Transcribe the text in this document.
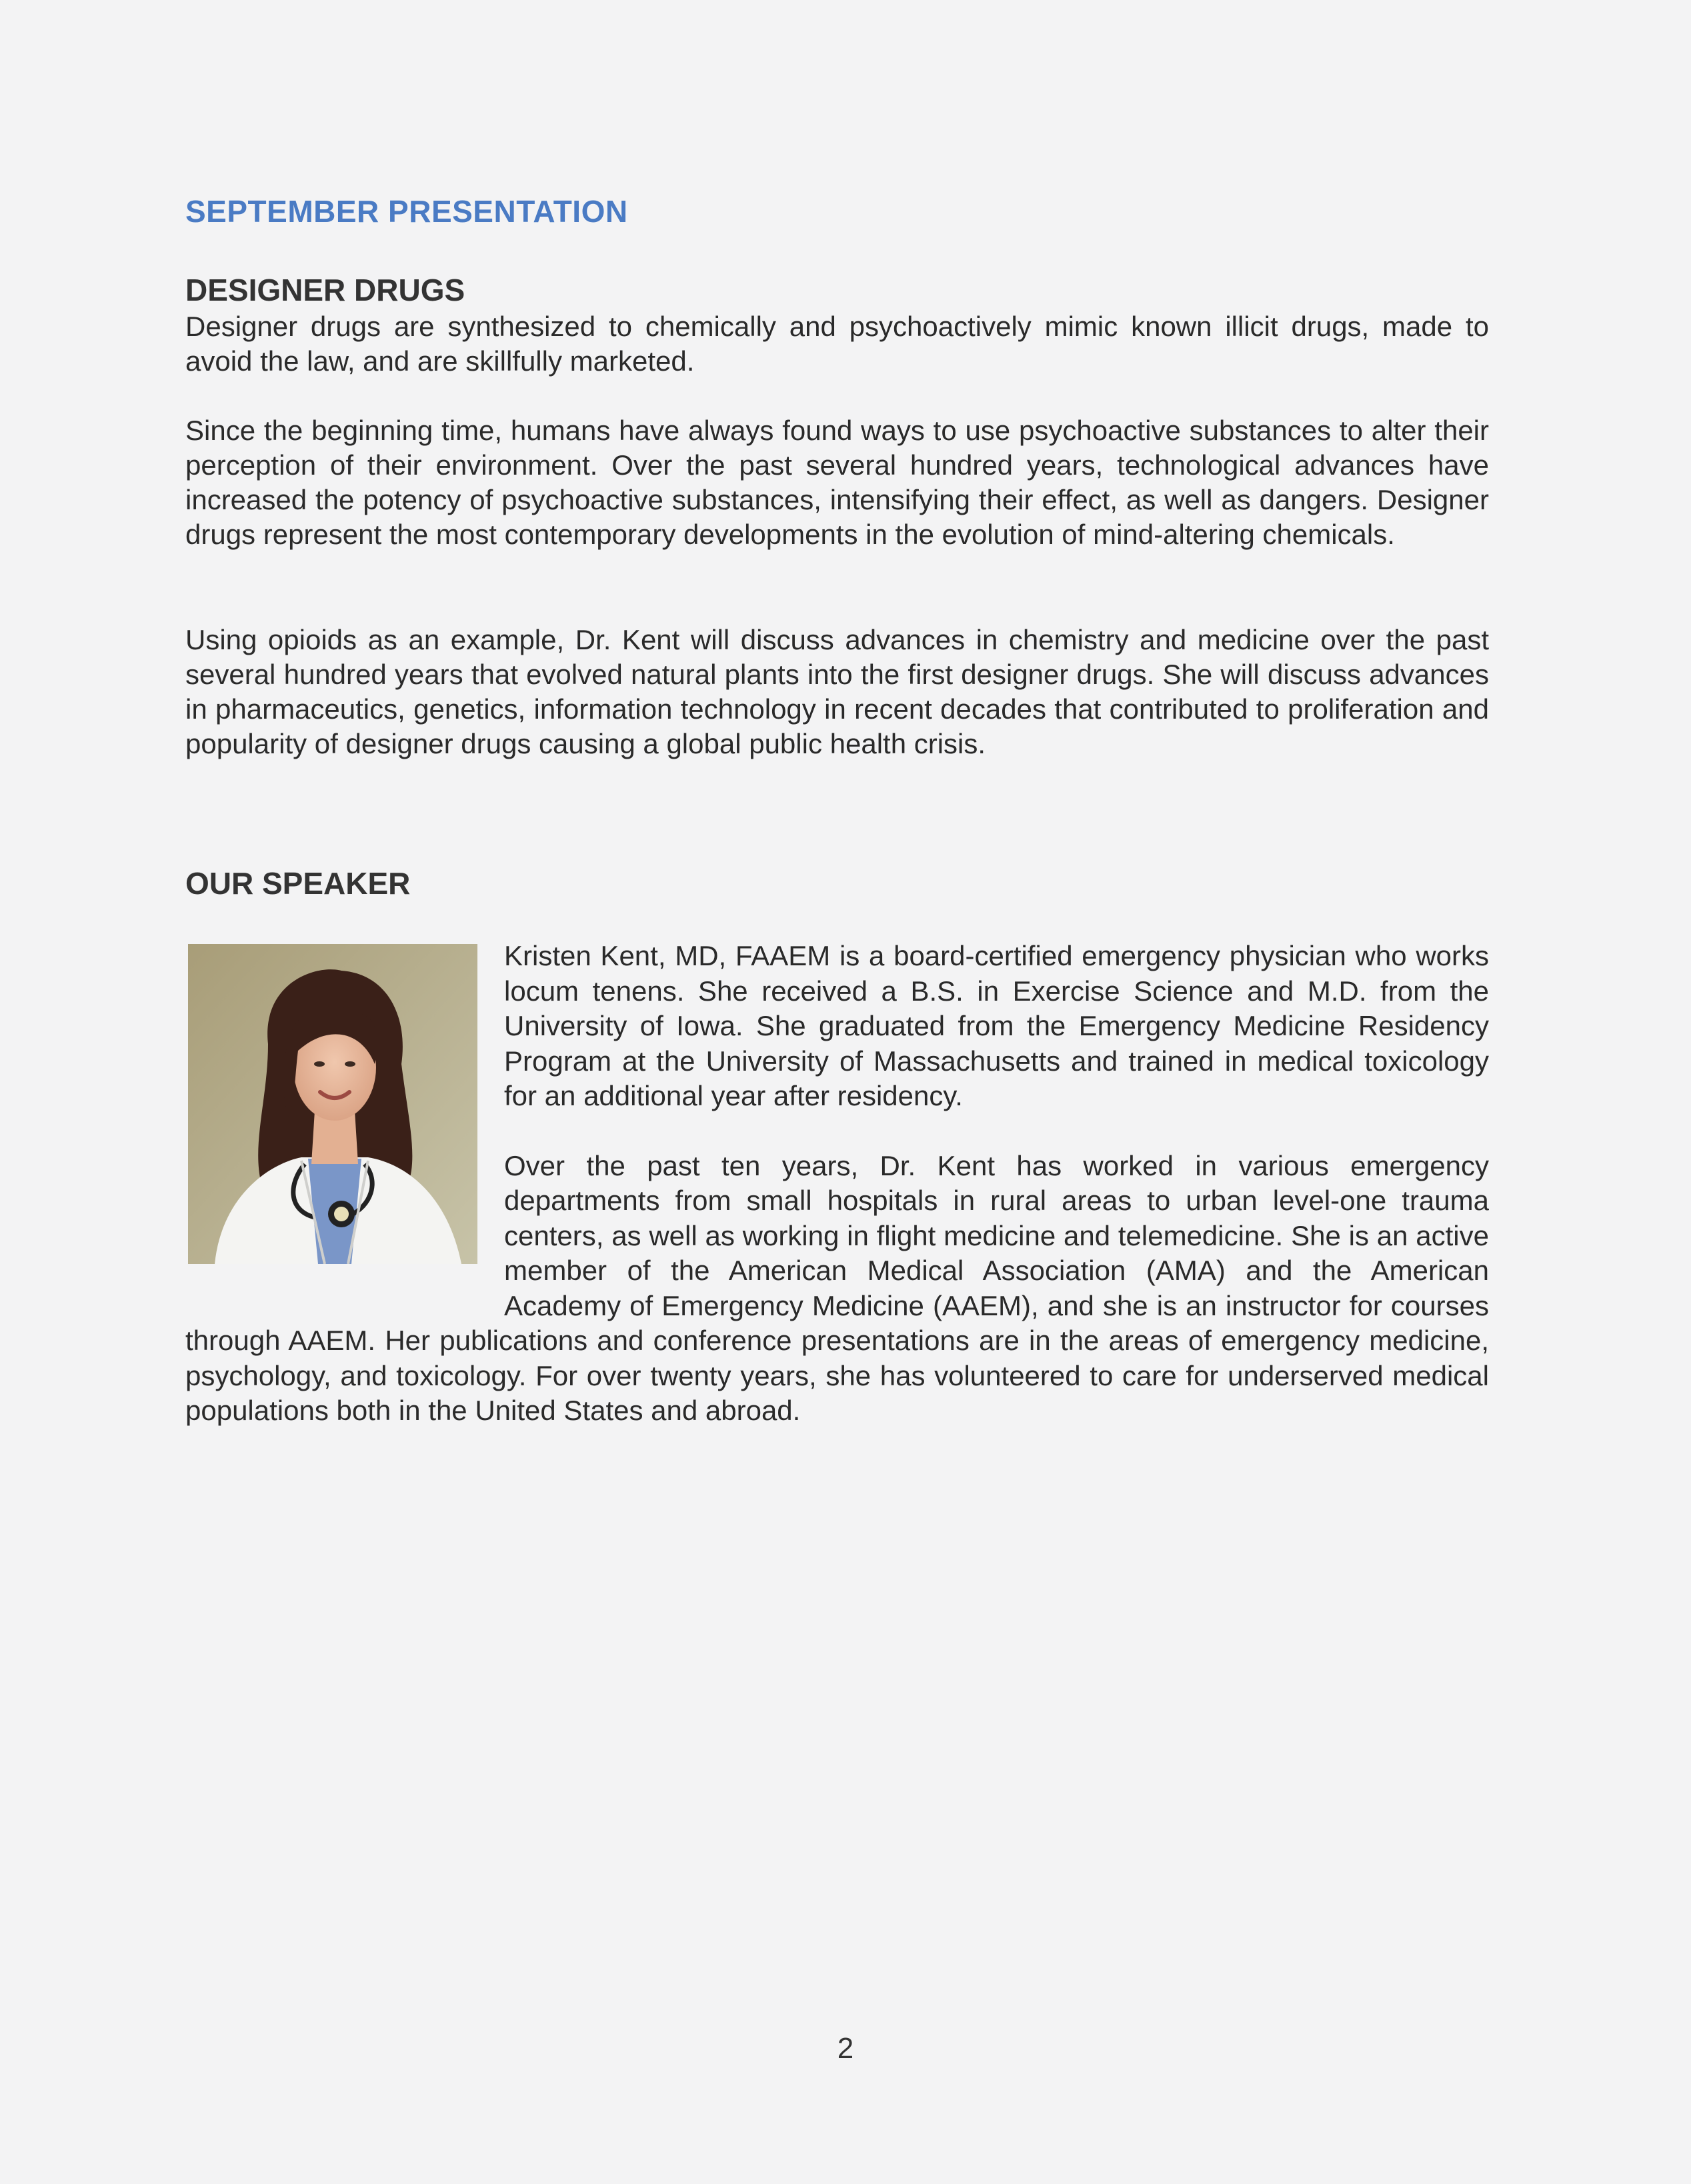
SEPTEMBER PRESENTATION

DESIGNER DRUGS

Designer drugs are synthesized to chemically and psychoactively mimic known illicit drugs, made to avoid the law, and are skillfully marketed.

Since the beginning time, humans have always found ways to use psychoactive substances to alter their perception of their environment. Over the past several hundred years, technological advances have increased the potency of psychoactive substances, intensifying their effect, as well as dangers. Designer drugs represent the most contemporary developments in the evolution of mind-altering chemicals.

Using opioids as an example, Dr. Kent will discuss advances in chemistry and medicine over the past several hundred years that evolved natural plants into the first designer drugs. She will discuss advances in pharmaceutics, genetics, information technology in recent decades that contributed to proliferation and popularity of designer drugs causing a global public health crisis.

OUR SPEAKER

Kristen Kent, MD, FAAEM is a board-certified emergency physician who works locum tenens. She received a B.S. in Exercise Science and M.D. from the University of Iowa. She graduated from the Emergency Medicine Residency Program at the University of Massachusetts and trained in medical toxicology for an additional year after residency.

Over the past ten years, Dr. Kent has worked in various emergency departments from small hospitals in rural areas to urban level-one trauma centers, as well as working in flight medicine and telemedicine. She is an active member of the American Medical Association (AMA) and the American Academy of Emergency Medicine (AAEM), and she is an instructor for courses through AAEM. Her publications and conference presentations are in the areas of emergency medicine, psychology, and toxicology. For over twenty years, she has volunteered to care for underserved medical populations both in the United States and abroad.

2
